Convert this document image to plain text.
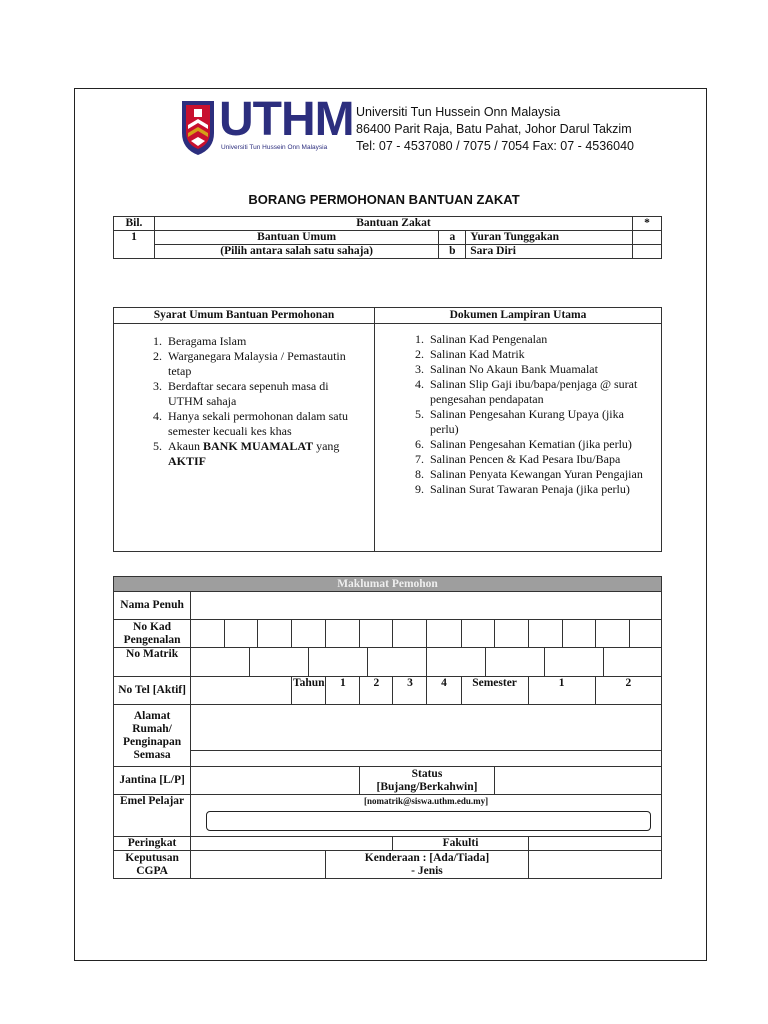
UTHM
Universiti Tun Hussein Onn Malaysia
Universiti Tun Hussein Onn Malaysia
86400 Parit Raja, Batu Pahat, Johor Darul Takzim
Tel: 07 - 4537080 / 7075 / 7054 Fax: 07 - 4536040
BORANG PERMOHONAN BANTUAN ZAKAT
Bil.	Bantuan Zakat			*
1	Bantuan Umum	a	Yuran Tunggakan	
	(Pilih antara salah satu sahaja)	b	Sara Diri	
Syarat Umum Bantuan Permohonan	Dokumen Lampiran Utama
1. Beragama Islam
2. Warganegara Malaysia / Pemastautin tetap
3. Berdaftar secara sepenuh masa di UTHM sahaja
4. Hanya sekali permohonan dalam satu semester kecuali kes khas
5. Akaun BANK MUAMALAT yang AKTIF
1. Salinan Kad Pengenalan
2. Salinan Kad Matrik
3. Salinan No Akaun Bank Muamalat
4. Salinan Slip Gaji ibu/bapa/penjaga @ surat pengesahan pendapatan
5. Salinan Pengesahan Kurang Upaya (jika perlu)
6. Salinan Pengesahan Kematian (jika perlu)
7. Salinan Pencen & Kad Pesara Ibu/Bapa
8. Salinan Penyata Kewangan Yuran Pengajian
9. Salinan Surat Tawaran Penaja (jika perlu)
Maklumat Pemohon														
Nama Penuh														
No Kad Pengenalan														
No Matrik														

No Tel [Aktif]				Tahun	1	2	3	4	Semester		1		2	
Alamat Rumah/ Penginapan Semasa														

Jantina [L/P]						Status [Bujang/Berkahwin]								
Emel Pelajar	[nomatrik@siswa.uthm.edu.my]													
Peringkat							Fakulti							
Keputusan CGPA					Kenderaan : [Ada/Tiada]
- Jenis									
